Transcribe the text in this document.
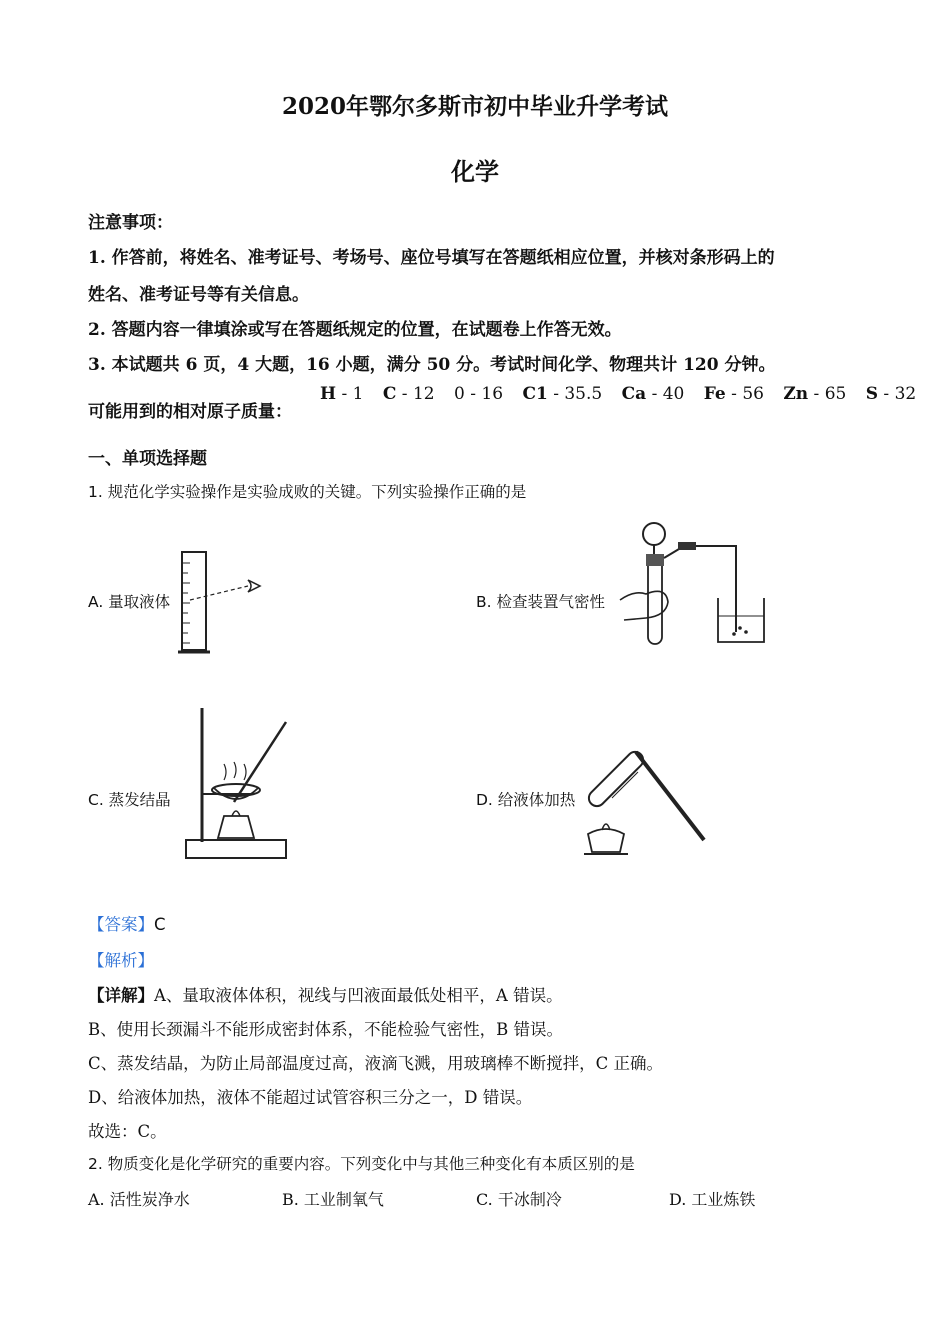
2020年鄂尔多斯市初中毕业升学考试
化学
注意事项：
1. 作答前，将姓名、准考证号、考场号、座位号填写在答题纸相应位置，并核对条形码上的
姓名、准考证号等有关信息。
2. 答题内容一律填涂或写在答题纸规定的位置，在试题卷上作答无效。
3. 本试题共 6 页，4 大题，16 小题，满分 50 分。考试时间化学、物理共计 120 分钟。
可能用到的相对原子质量：
H - 1 C - 12 0 - 16 C1 - 35.5 Ca - 40 Fe - 56 Zn - 65 S - 32
一、单项选择题
1. 规范化学实验操作是实验成败的关键。下列实验操作正确的是
A. 量取液体	B. 检查装置气密性
C. 蒸发结晶	D. 给液体加热
【答案】C
【解析】
【详解】A、量取液体体积，视线与凹液面最低处相平，A 错误。
B、使用长颈漏斗不能形成密封体系，不能检验气密性，B 错误。
C、蒸发结晶，为防止局部温度过高，液滴飞溅，用玻璃棒不断搅拌，C 正确。
D、给液体加热，液体不能超过试管容积三分之一，D 错误。
故选：C。
2. 物质变化是化学研究的重要内容。下列变化中与其他三种变化有本质区别的是
A. 活性炭净水	B. 工业制氧气	C. 干冰制冷	D. 工业炼铁
